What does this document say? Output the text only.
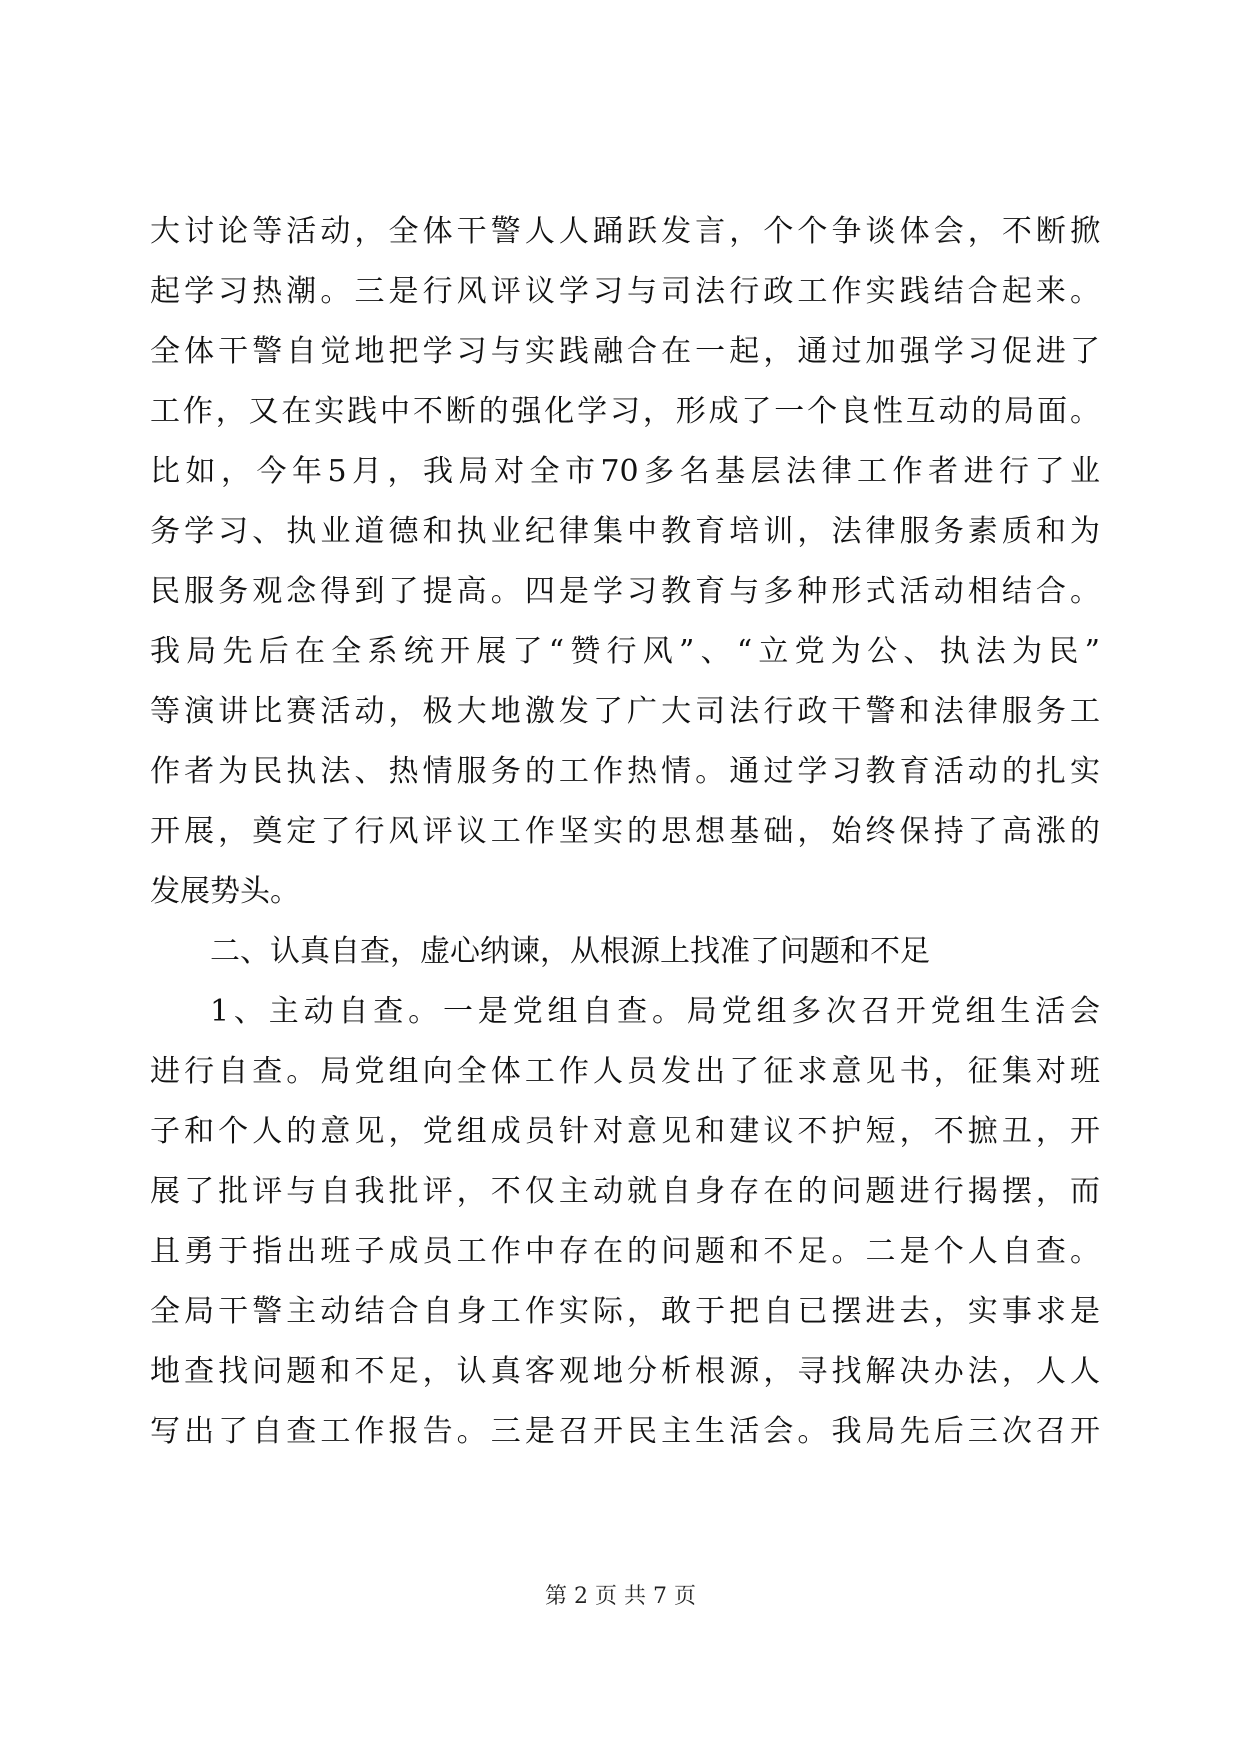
大讨论等活动，全体干警人人踊跃发言，个个争谈体会，不断掀
起学习热潮。三是行风评议学习与司法行政工作实践结合起来。
全体干警自觉地把学习与实践融合在一起，通过加强学习促进了
工作，又在实践中不断的强化学习，形成了一个良性互动的局面。
比如，今年5月，我局对全市70多名基层法律工作者进行了业
务学习、执业道德和执业纪律集中教育培训，法律服务素质和为
民服务观念得到了提高。四是学习教育与多种形式活动相结合。
我局先后在全系统开展了“赞行风”、“立党为公、执法为民”
等演讲比赛活动，极大地激发了广大司法行政干警和法律服务工
作者为民执法、热情服务的工作热情。通过学习教育活动的扎实
开展，奠定了行风评议工作坚实的思想基础，始终保持了高涨的
发展势头。
二、认真自查，虚心纳谏，从根源上找准了问题和不足
1、主动自查。一是党组自查。局党组多次召开党组生活会
进行自查。局党组向全体工作人员发出了征求意见书，征集对班
子和个人的意见，党组成员针对意见和建议不护短，不摭丑，开
展了批评与自我批评，不仅主动就自身存在的问题进行揭摆，而
且勇于指出班子成员工作中存在的问题和不足。二是个人自查。
全局干警主动结合自身工作实际，敢于把自已摆进去，实事求是
地查找问题和不足，认真客观地分析根源，寻找解决办法，人人
写出了自查工作报告。三是召开民主生活会。我局先后三次召开
第 2 页 共 7 页
